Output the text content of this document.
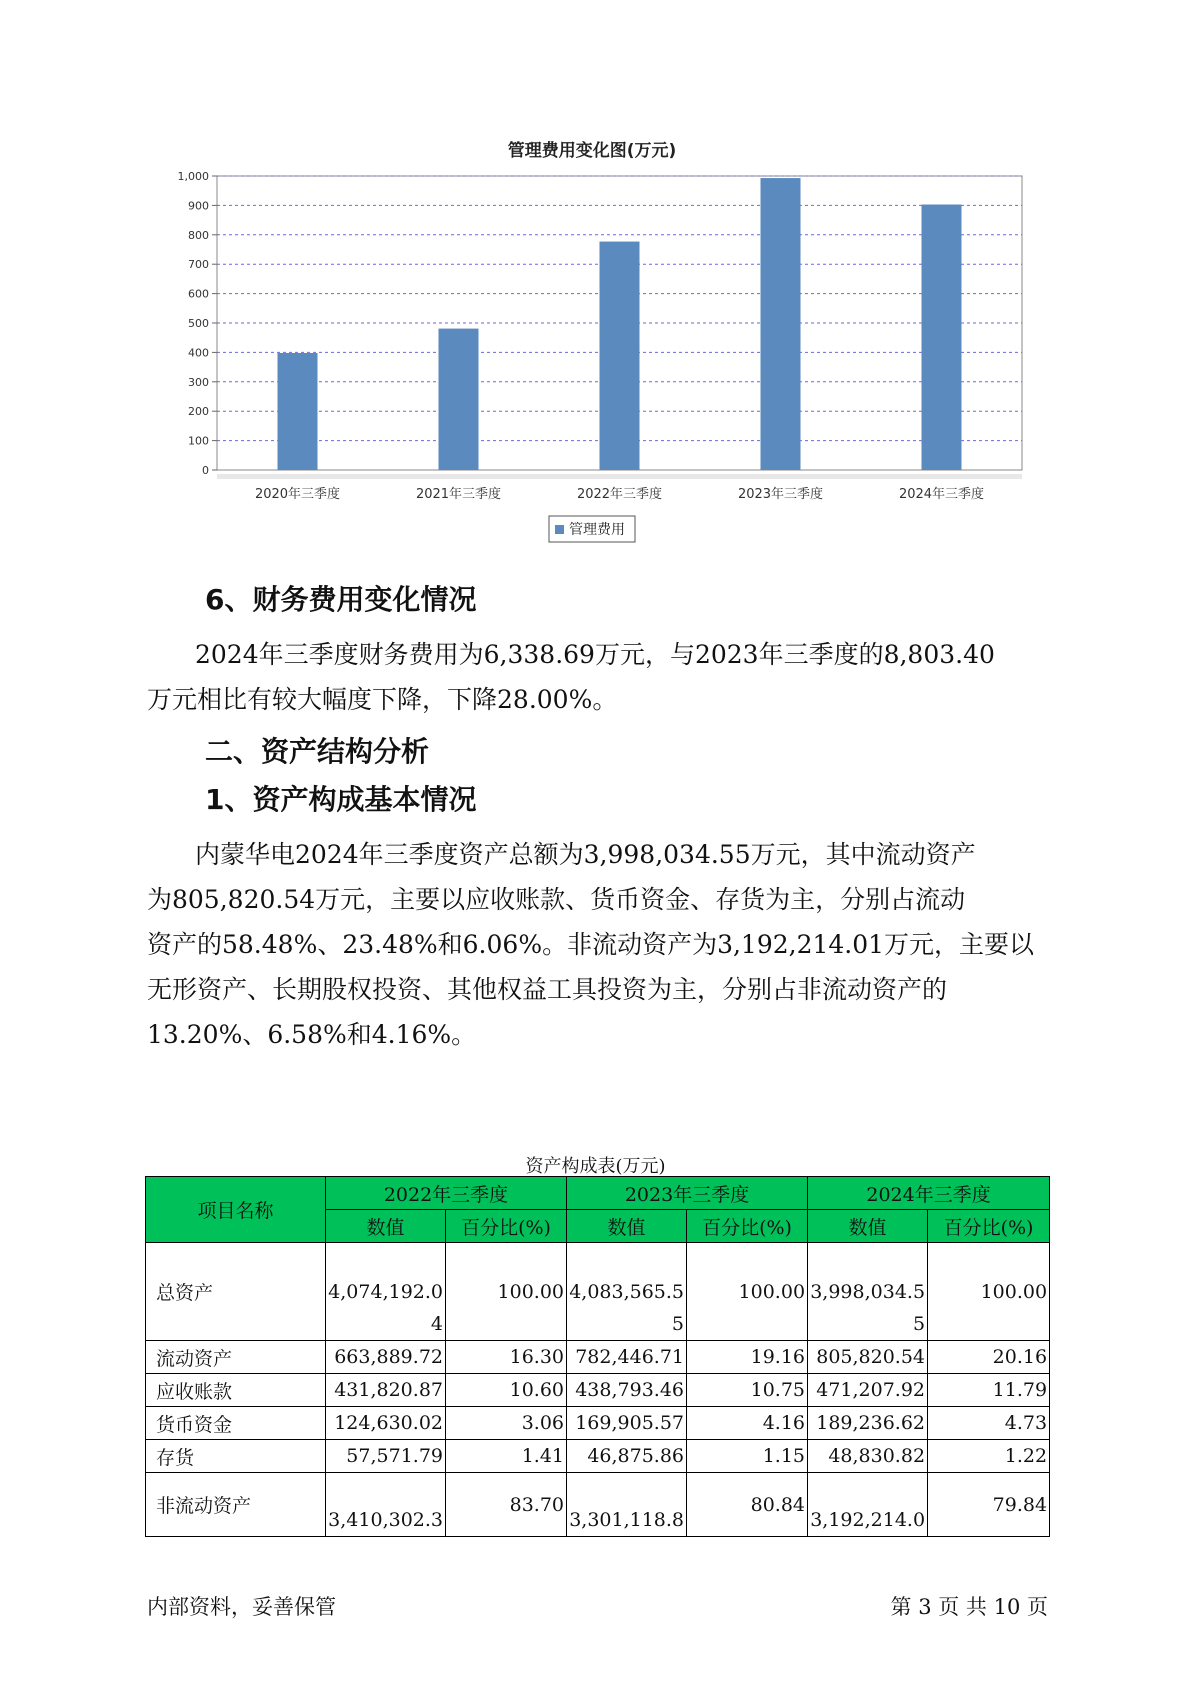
管理费用变化图(万元)
0
100
200
300
400
500
600
700
800
900
1,000
2020年三季度	2021年三季度	2022年三季度	2023年三季度	2024年三季度
管理费用
6、财务费用变化情况

2024年三季度财务费用为6,338.69万元，与2023年三季度的8,803.40
万元相比有较大幅度下降，下降28.00%。

二、资产结构分析
1、资产构成基本情况

内蒙华电2024年三季度资产总额为3,998,034.55万元，其中流动资产
为805,820.54万元，主要以应收账款、货币资金、存货为主，分别占流动
资产的58.48%、23.48%和6.06%。非流动资产为3,192,214.01万元，主要以
无形资产、长期股权投资、其他权益工具投资为主，分别占非流动资产的
13.20%、6.58%和4.16%。

资产构成表(万元)
项目名称	2022年三季度		2023年三季度		2024年三季度	
	数值	百分比(%)	数值	百分比(%)	数值	百分比(%)
总资产	4,074,192.04	100.00	4,083,565.55	100.00	3,998,034.55	100.00
流动资产	663,889.72	16.30	782,446.71	19.16	805,820.54	20.16
应收账款	431,820.87	10.60	438,793.46	10.75	471,207.92	11.79
货币资金	124,630.02	3.06	169,905.57	4.16	189,236.62	4.73
存货	57,571.79	1.41	46,875.86	1.15	48,830.82	1.22
非流动资产	3,410,302.3	83.70	3,301,118.8	80.84	3,192,214.0	79.84
内部资料，妥善保管	第 3 页 共 10 页
